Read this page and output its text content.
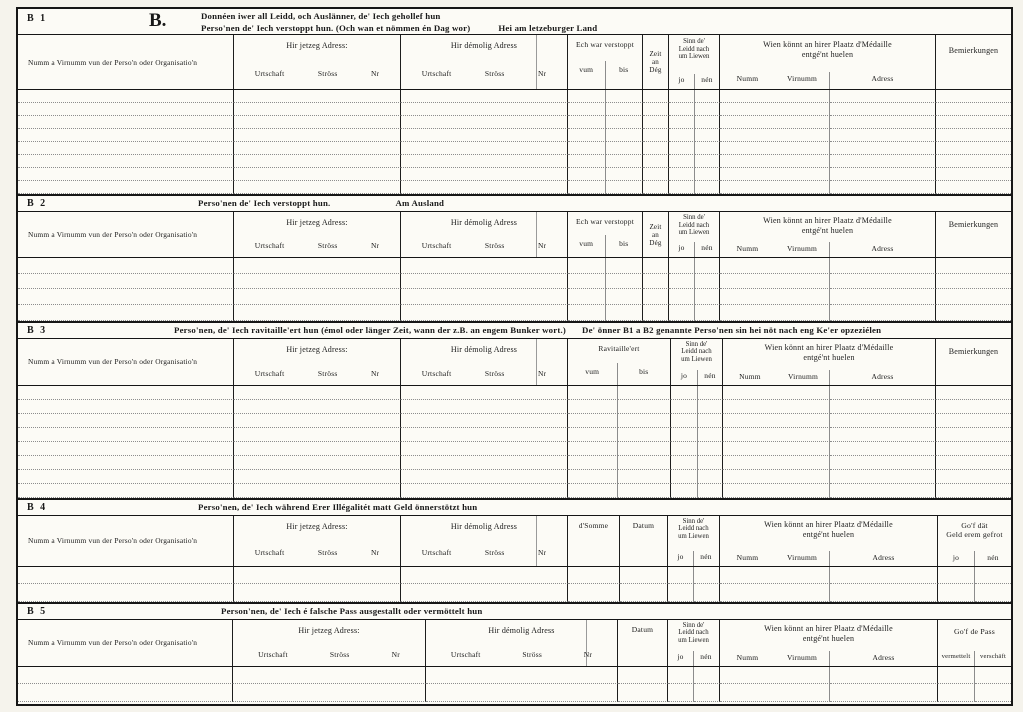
B 1	B.	Donnéen iwer all Leidd, och Auslänner, de' Iech gehollef hun
Perso'nen de' Iech verstoppt hun. (Och wan et nömmen én Dag wor)	Hei am letzeburger Land
Numm a Virnumm vun der Perso'n oder Organisatio'n
Hir jetzeg Adress:
Urtschaft	Ströss	Nr
Hir démolig Adress
Urtschaft	Ströss	Nr
Ech war verstoppt
vum	bis
Zeit
an
Dég
Sinn de'
Leidd nach
um Liewen
jo	nén
Wien könnt an hirer Plaatz d'Médaille
entgé'nt huelen
Numm	Virnumm	Adress
Bemierkungen
B 2	Perso'nen de' Iech verstoppt hun.	Am Ausland
Numm a Virnumm vun der Perso'n oder Organisatio'n
Hir jetzeg Adress:
Urtschaft	Ströss	Nr
Hir démolig Adress
Urtschaft	Ströss	Nr
Ech war verstoppt
vum	bis
Zeit
an
Dég
Sinn de'
Leidd nach
um Liewen
jo	nén
Wien könnt an hirer Plaatz d'Médaille
entgé'nt huelen
Numm	Virnumm	Adress
Bemierkungen
B 3	Perso'nen, de' Iech ravitaille'ert hun (émol oder länger Zeit, wann der z.B. an engem Bunker wort.) De' önner B1 a B2 genannte Perso'nen sin hei nöt nach eng Ke'er opzeziélen
Numm a Virnumm vun der Perso'n oder Organisatio'n
Hir jetzeg Adress:
Urtschaft	Ströss	Nr
Hir démolig Adress
Urtschaft	Ströss	Nr
Ravitaille'ert
vum	bis
Sinn de'
Leidd nach
um Liewen
jo	nén
Wien könnt an hirer Plaatz d'Médaille
entgé'nt huelen
Numm	Virnumm	Adress
Bemierkungen
B 4	Perso'nen, de' Iech während Erer Illégalitét matt Geld önnerstötzt hun
Numm a Virnumm vun der Perso'n oder Organisatio'n
Hir jetzeg Adress:
Urtschaft	Ströss	Nr
Hir démolig Adress
Urtschaft	Ströss	Nr
d'Somme	Datum	Sinn de'
Leidd nach
um Liewen
jo	nén
Wien könnt an hirer Plaatz d'Médaille
entgé'nt huelen
Numm	Virnumm	Adress
Go'f dät
Geld erem gefrot
jo	nén
B 5	Person'nen, de' Iech é falsche Pass ausgestallt oder vermöttelt hun
Numm a Virnumm vun der Perso'n oder Organisatio'n
Hir jetzeg Adress:
Urtschaft	Ströss	Nr
Hir démolig Adress
Urtschaft	Ströss	Nr
Datum	Sinn de'
Leidd nach
um Liewen
jo	nén
Wien könnt an hirer Plaatz d'Médaille
entgé'nt huelen
Numm	Virnumm	Adress
Go'f de Pass
vermettelt	verschäft
